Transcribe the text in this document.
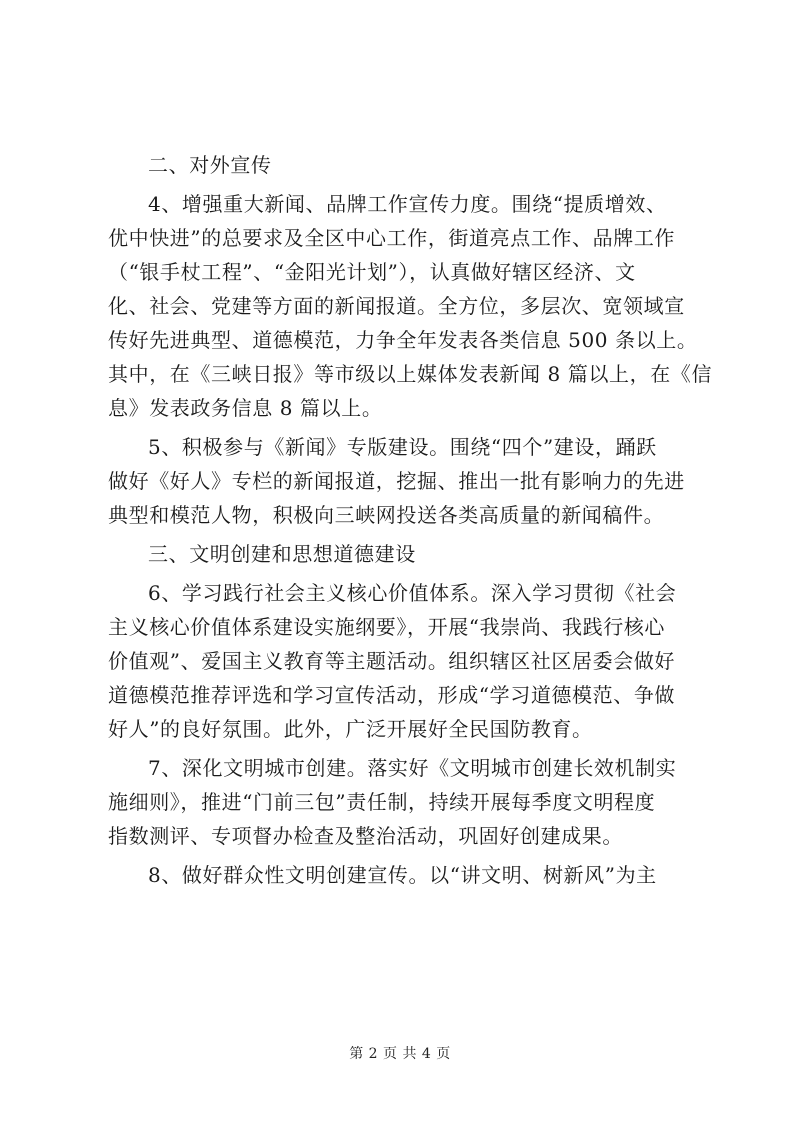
二、对外宣传
4、增强重大新闻、品牌工作宣传力度。围绕“提质增效、
优中快进”的总要求及全区中心工作，街道亮点工作、品牌工作
（“银手杖工程”、“金阳光计划”），认真做好辖区经济、文
化、社会、党建等方面的新闻报道。全方位，多层次、宽领域宣
传好先进典型、道德模范，力争全年发表各类信息 500 条以上。
其中，在《三峡日报》等市级以上媒体发表新闻 8 篇以上，在《信
息》发表政务信息 8 篇以上。
5、积极参与《新闻》专版建设。围绕“四个”建设，踊跃
做好《好人》专栏的新闻报道，挖掘、推出一批有影响力的先进
典型和模范人物，积极向三峡网投送各类高质量的新闻稿件。
三、文明创建和思想道德建设
6、学习践行社会主义核心价值体系。深入学习贯彻《社会
主义核心价值体系建设实施纲要》，开展“我崇尚、我践行核心
价值观”、爱国主义教育等主题活动。组织辖区社区居委会做好
道德模范推荐评选和学习宣传活动，形成“学习道德模范、争做
好人”的良好氛围。此外，广泛开展好全民国防教育。
7、深化文明城市创建。落实好《文明城市创建长效机制实
施细则》，推进“门前三包”责任制，持续开展每季度文明程度
指数测评、专项督办检查及整治活动，巩固好创建成果。
8、做好群众性文明创建宣传。以“讲文明、树新风”为主
第 2 页 共 4 页
